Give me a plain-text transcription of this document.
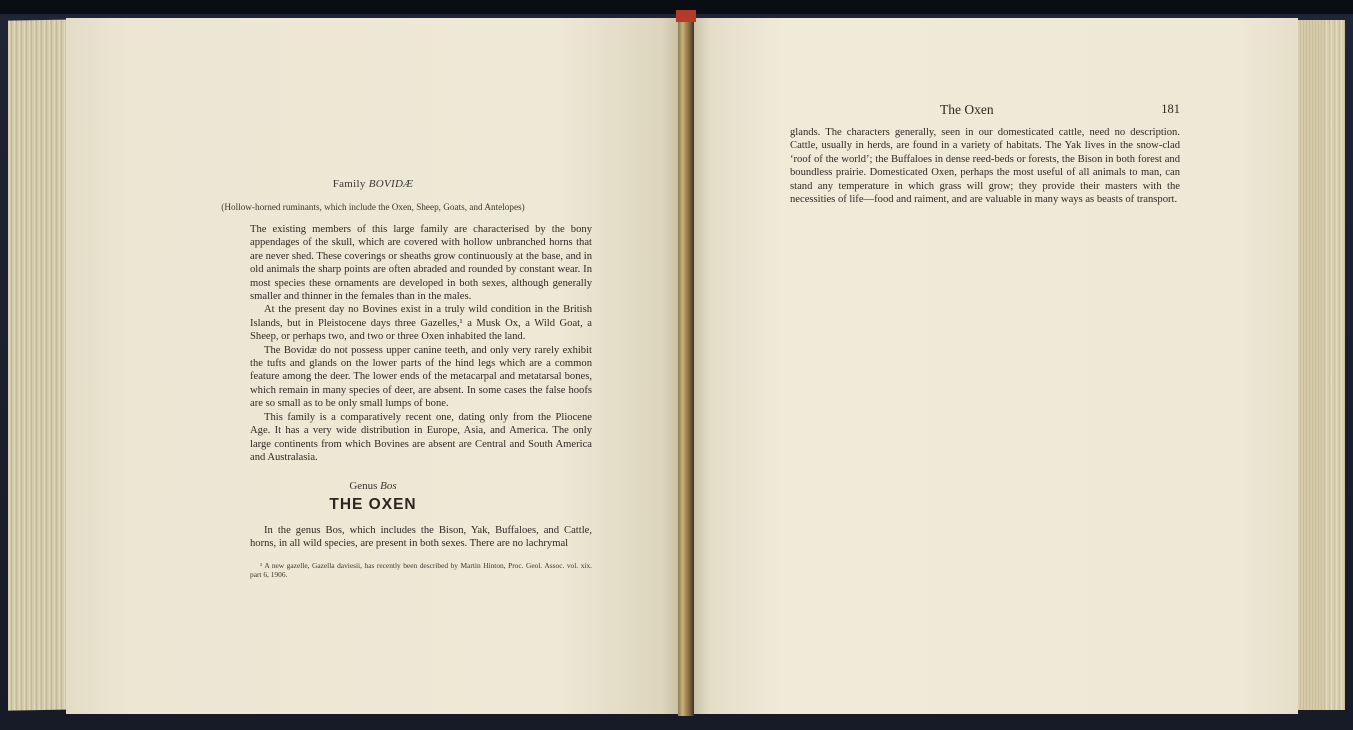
Family BOVIDÆ
(Hollow-horned ruminants, which include the Oxen, Sheep, Goats, and Antelopes)

The existing members of this large family are characterised by the bony appendages of the skull, which are covered with hollow unbranched horns that are never shed. These coverings or sheaths grow continuously at the base, and in old animals the sharp points are often abraded and rounded by constant wear. In most species these ornaments are developed in both sexes, although generally smaller and thinner in the females than in the males.

At the present day no Bovines exist in a truly wild condition in the British Islands, but in Pleistocene days three Gazelles,¹ a Musk Ox, a Wild Goat, a Sheep, or perhaps two, and two or three Oxen inhabited the land.

The Bovidæ do not possess upper canine teeth, and only very rarely exhibit the tufts and glands on the lower parts of the hind legs which are a common feature among the deer. The lower ends of the metacarpal and metatarsal bones, which remain in many species of deer, are absent. In some cases the false hoofs are so small as to be only small lumps of bone.

This family is a comparatively recent one, dating only from the Pliocene Age. It has a very wide distribution in Europe, Asia, and America. The only large continents from which Bovines are absent are Central and South America and Australasia.

Genus Bos
THE OXEN

In the genus Bos, which includes the Bison, Yak, Buffaloes, and Cattle, horns, in all wild species, are present in both sexes. There are no lachrymal

¹ A new gazelle, Gazella daviesii, has recently been described by Martin Hinton, Proc. Geol. Assoc. vol. xix. part 6, 1906.

The Oxen	181

glands. The characters generally, seen in our domesticated cattle, need no description. Cattle, usually in herds, are found in a variety of habitats. The Yak lives in the snow-clad ‘roof of the world’; the Buffaloes in dense reed-beds or forests, the Bison in both forest and boundless prairie. Domesticated Oxen, perhaps the most useful of all animals to man, can stand any temperature in which grass will grow; they provide their masters with the necessities of life—food and raiment, and are valuable in many ways as beasts of transport.
